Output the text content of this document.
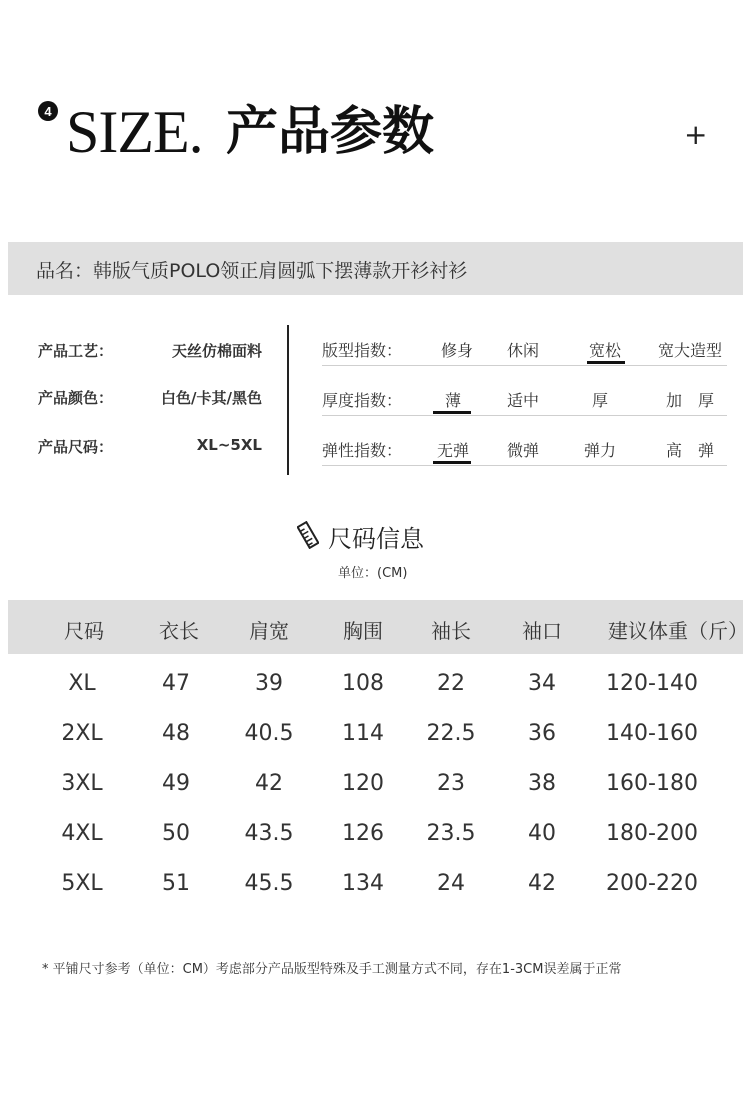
4 SIZE. 产品参数	+
品名：韩版气质POLO领正肩圆弧下摆薄款开衫衬衫
产品工艺：	天丝仿棉面料
产品颜色：	白色/卡其/黑色
产品尺码：	XL~5XL
版型指数：	修身	休闲	宽松	宽大造型
厚度指数：	薄	适中	厚	加　厚
弹性指数：	无弹	微弹	弹力	高　弹
尺码信息
单位：(CM)
尺码	衣长	肩宽	胸围	袖长	袖口	建议体重（斤）
XL	47	39	108	22	34	120-140
2XL	48	40.5	114	22.5	36	140-160
3XL	49	42	120	23	38	160-180
4XL	50	43.5	126	23.5	40	180-200
5XL	51	45.5	134	24	42	200-220
* 平铺尺寸参考（单位：CM）考虑部分产品版型特殊及手工测量方式不同，存在1-3CM误差属于正常
